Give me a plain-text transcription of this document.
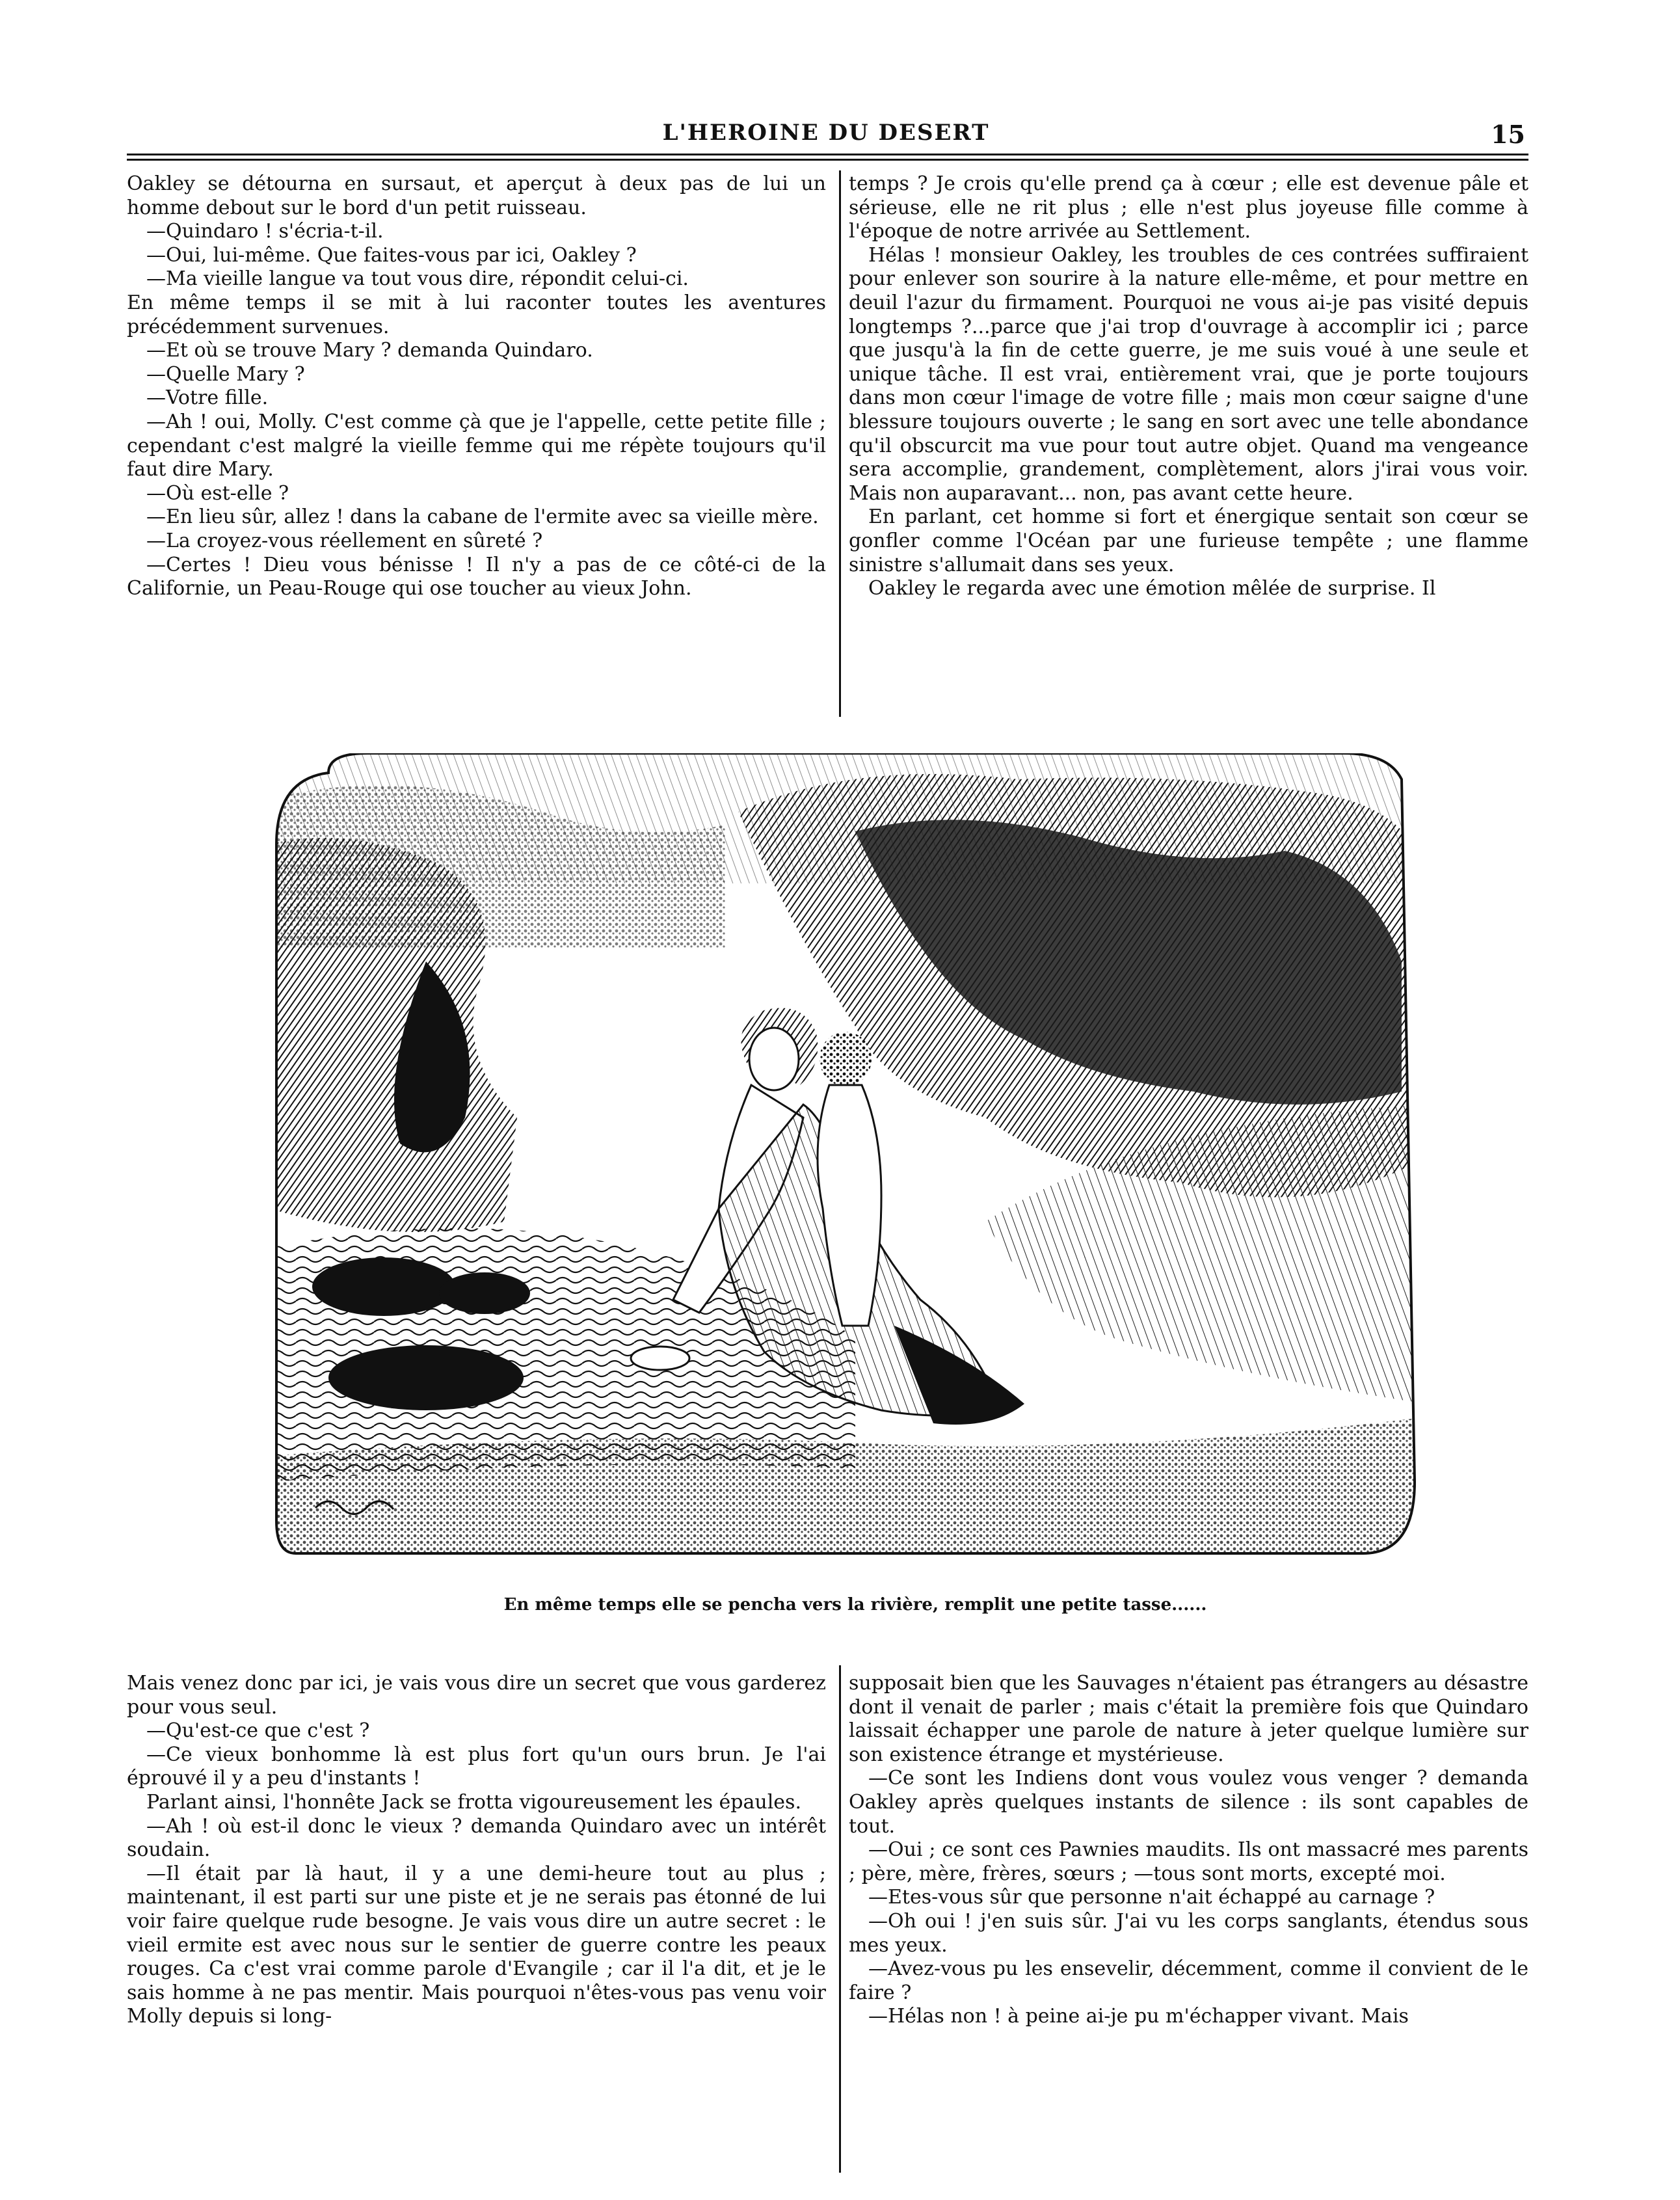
L'HEROINE DU DESERT	15

Oakley se détourna en sursaut, et aperçut à deux pas de lui un homme debout sur le bord d'un petit ruisseau.

—Quindaro ! s'écria-t-il.

—Oui, lui-même. Que faites-vous par ici, Oakley ?

—Ma vieille langue va tout vous dire, répondit celui-ci.

En même temps il se mit à lui raconter toutes les aventures précédemment survenues.

—Et où se trouve Mary ? demanda Quindaro.

—Quelle Mary ?

—Votre fille.

—Ah ! oui, Molly. C'est comme çà que je l'appelle, cette petite fille ; cependant c'est malgré la vieille femme qui me répète toujours qu'il faut dire Mary.

—Où est-elle ?

—En lieu sûr, allez ! dans la cabane de l'ermite avec sa vieille mère.

—La croyez-vous réellement en sûreté ?

—Certes ! Dieu vous bénisse ! Il n'y a pas de ce côté-ci de la Californie, un Peau-Rouge qui ose toucher au vieux John.

temps ? Je crois qu'elle prend ça à cœur ; elle est devenue pâle et sérieuse, elle ne rit plus ; elle n'est plus joyeuse fille comme à l'époque de notre arrivée au Settlement.

Hélas ! monsieur Oakley, les troubles de ces contrées suffiraient pour enlever son sourire à la nature elle-même, et pour mettre en deuil l'azur du firmament. Pourquoi ne vous ai-je pas visité depuis longtemps ?...parce que j'ai trop d'ouvrage à accomplir ici ; parce que jusqu'à la fin de cette guerre, je me suis voué à une seule et unique tâche. Il est vrai, entièrement vrai, que je porte toujours dans mon cœur l'image de votre fille ; mais mon cœur saigne d'une blessure toujours ouverte ; le sang en sort avec une telle abondance qu'il obscurcit ma vue pour tout autre objet. Quand ma vengeance sera accomplie, grandement, complètement, alors j'irai vous voir. Mais non auparavant... non, pas avant cette heure.

En parlant, cet homme si fort et énergique sentait son cœur se gonfler comme l'Océan par une furieuse tempête ; une flamme sinistre s'allumait dans ses yeux.

Oakley le regarda avec une émotion mêlée de surprise. Il

En même temps elle se pencha vers la rivière, remplit une petite tasse......

Mais venez donc par ici, je vais vous dire un secret que vous garderez pour vous seul.

—Qu'est-ce que c'est ?

—Ce vieux bonhomme là est plus fort qu'un ours brun. Je l'ai éprouvé il y a peu d'instants !

Parlant ainsi, l'honnête Jack se frotta vigoureusement les épaules.

—Ah ! où est-il donc le vieux ? demanda Quindaro avec un intérêt soudain.

—Il était par là haut, il y a une demi-heure tout au plus ; maintenant, il est parti sur une piste et je ne serais pas étonné de lui voir faire quelque rude besogne. Je vais vous dire un autre secret : le vieil ermite est avec nous sur le sentier de guerre contre les peaux rouges. Ca c'est vrai comme parole d'Evangile ; car il l'a dit, et je le sais homme à ne pas mentir. Mais pourquoi n'êtes-vous pas venu voir Molly depuis si long-

supposait bien que les Sauvages n'étaient pas étrangers au désastre dont il venait de parler ; mais c'était la première fois que Quindaro laissait échapper une parole de nature à jeter quelque lumière sur son existence étrange et mystérieuse.

—Ce sont les Indiens dont vous voulez vous venger ? demanda Oakley après quelques instants de silence : ils sont capables de tout.

—Oui ; ce sont ces Pawnies maudits. Ils ont massacré mes parents ; père, mère, frères, sœurs ; —tous sont morts, excepté moi.

—Etes-vous sûr que personne n'ait échappé au carnage ?

—Oh oui ! j'en suis sûr. J'ai vu les corps sanglants, étendus sous mes yeux.

—Avez-vous pu les ensevelir, décemment, comme il convient de le faire ?

—Hélas non ! à peine ai-je pu m'échapper vivant. Mais
